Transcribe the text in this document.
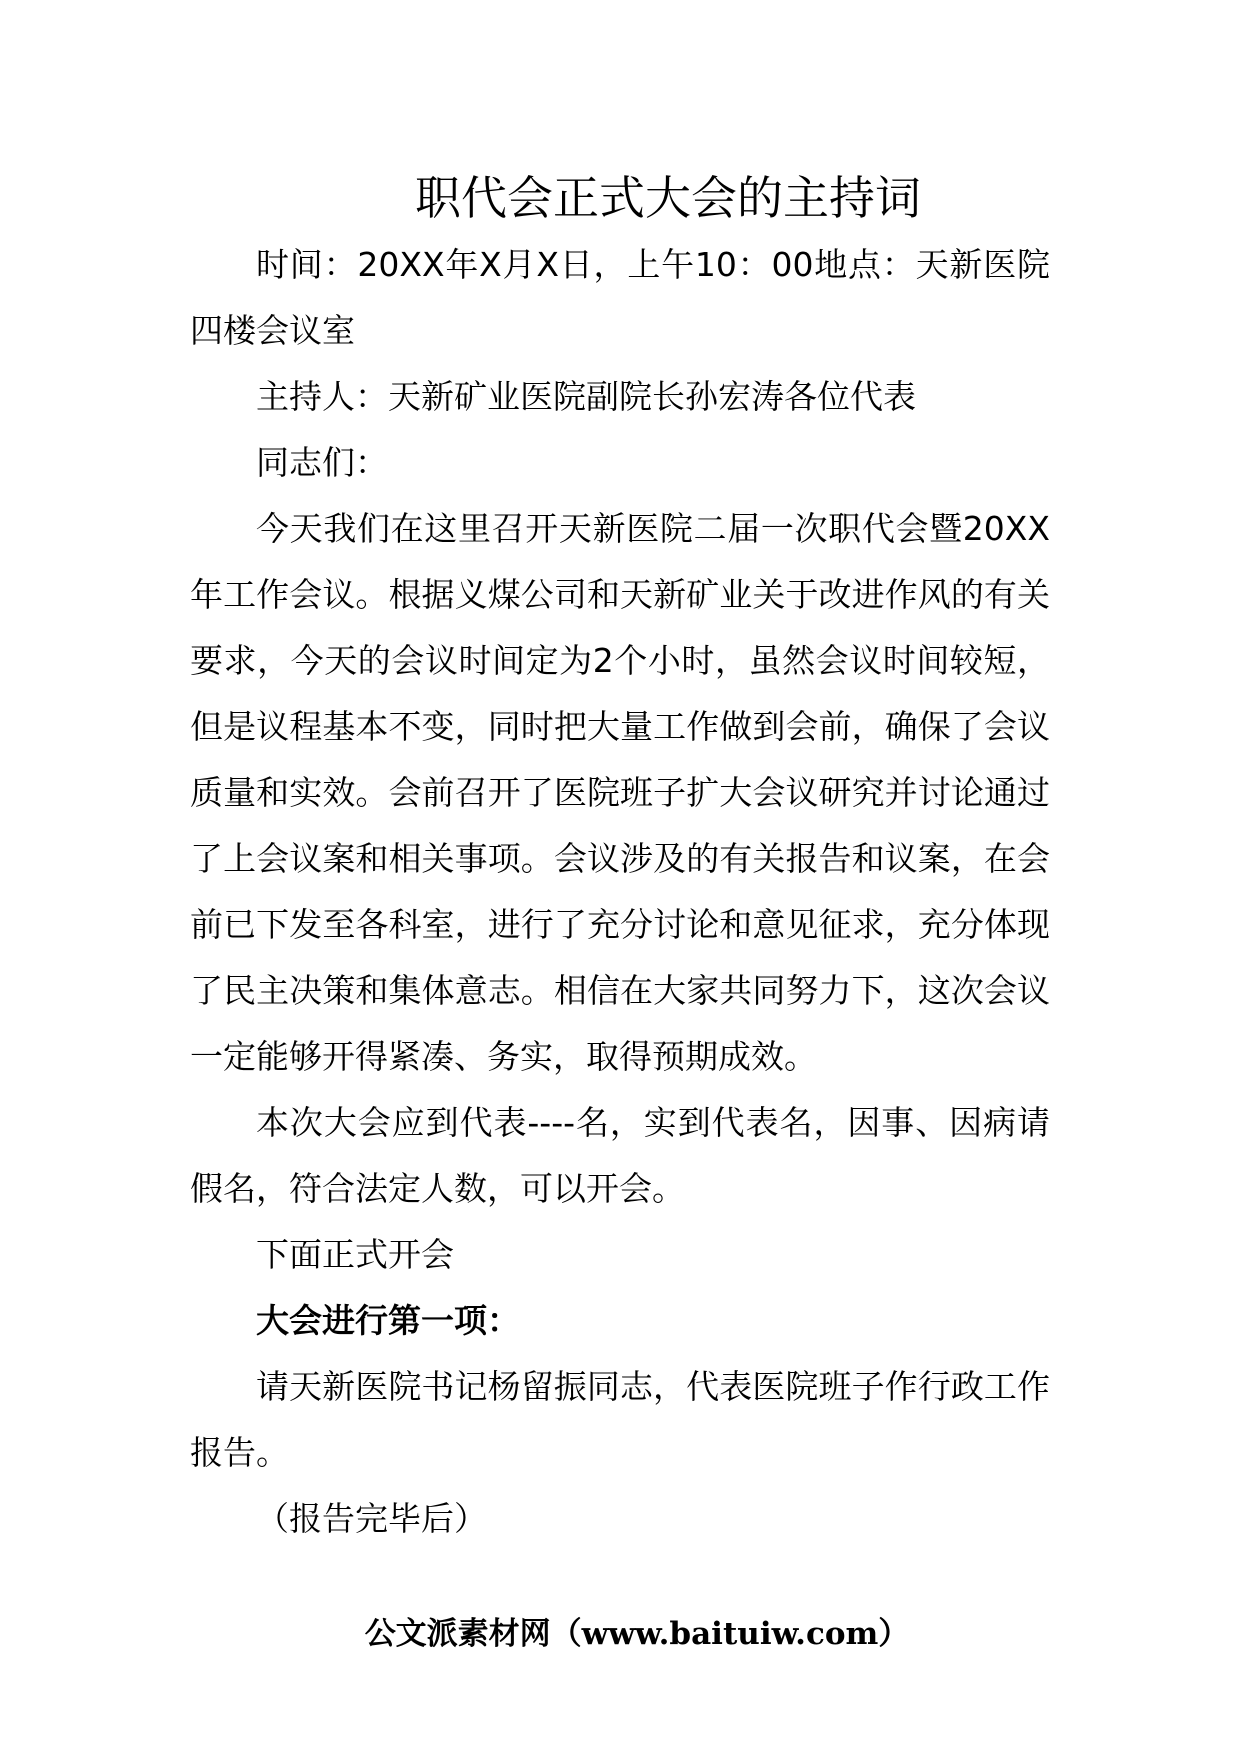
职代会正式大会的主持词

时间：20XX年X月X日，上午10：00地点：天新医院四楼会议室

主持人：天新矿业医院副院长孙宏涛各位代表

同志们：

今天我们在这里召开天新医院二届一次职代会暨20XX年工作会议。根据义煤公司和天新矿业关于改进作风的有关要求，今天的会议时间定为2个小时，虽然会议时间较短，但是议程基本不变，同时把大量工作做到会前，确保了会议质量和实效。会前召开了医院班子扩大会议研究并讨论通过了上会议案和相关事项。会议涉及的有关报告和议案，在会前已下发至各科室，进行了充分讨论和意见征求，充分体现了民主决策和集体意志。相信在大家共同努力下，这次会议一定能够开得紧凑、务实，取得预期成效。

本次大会应到代表----名，实到代表名，因事、因病请假名，符合法定人数，可以开会。

下面正式开会

大会进行第一项：

请天新医院书记杨留振同志，代表医院班子作行政工作报告。

（报告完毕后）

公文派素材网（www.baituiw.com）
